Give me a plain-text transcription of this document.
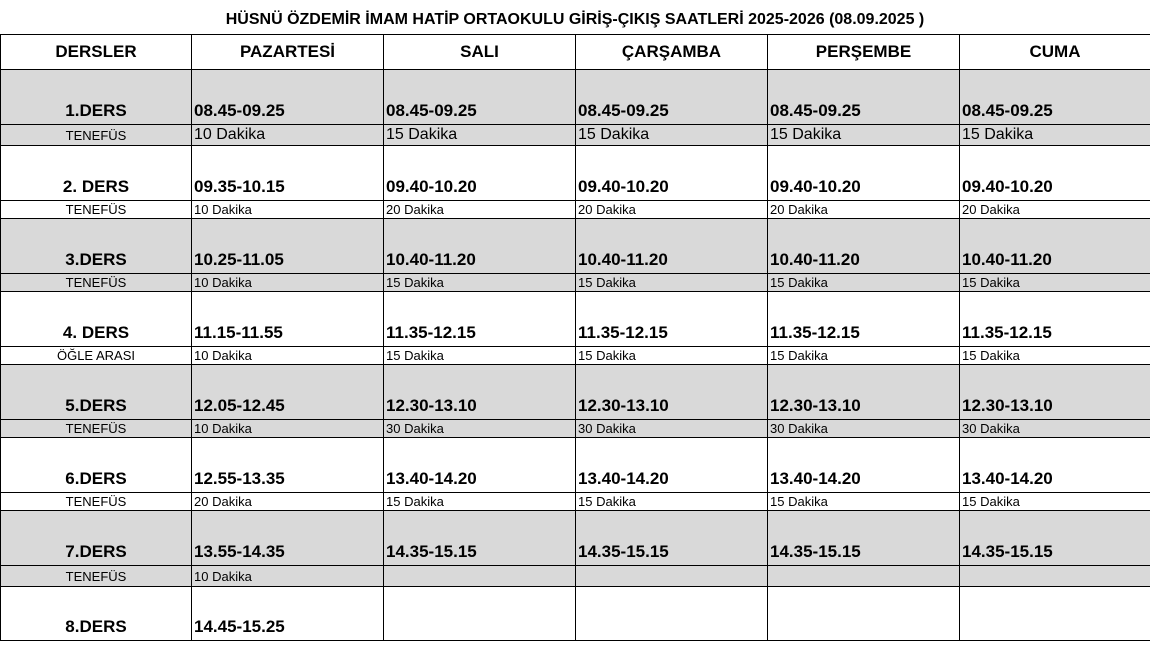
HÜSNÜ ÖZDEMİR İMAM HATİP ORTAOKULU GİRİŞ-ÇIKIŞ SAATLERİ 2025-2026 (08.09.2025 )
DERSLER	PAZARTESİ	SALI	ÇARŞAMBA	PERŞEMBE	CUMA
1.DERS	08.45-09.25	08.45-09.25	08.45-09.25	08.45-09.25	08.45-09.25
TENEFÜS	10 Dakika	15 Dakika	15 Dakika	15 Dakika	15 Dakika
2. DERS	09.35-10.15	09.40-10.20	09.40-10.20	09.40-10.20	09.40-10.20
TENEFÜS	10 Dakika	20 Dakika	20 Dakika	20 Dakika	20 Dakika
3.DERS	10.25-11.05	10.40-11.20	10.40-11.20	10.40-11.20	10.40-11.20
TENEFÜS	10 Dakika	15 Dakika	15 Dakika	15 Dakika	15 Dakika
4. DERS	11.15-11.55	11.35-12.15	11.35-12.15	11.35-12.15	11.35-12.15
ÖĞLE ARASI	10 Dakika	15 Dakika	15 Dakika	15 Dakika	15 Dakika
5.DERS	12.05-12.45	12.30-13.10	12.30-13.10	12.30-13.10	12.30-13.10
TENEFÜS	10 Dakika	30 Dakika	30 Dakika	30 Dakika	30 Dakika
6.DERS	12.55-13.35	13.40-14.20	13.40-14.20	13.40-14.20	13.40-14.20
TENEFÜS	20 Dakika	15 Dakika	15 Dakika	15 Dakika	15 Dakika
7.DERS	13.55-14.35	14.35-15.15	14.35-15.15	14.35-15.15	14.35-15.15
TENEFÜS	10 Dakika				
8.DERS	14.45-15.25				
